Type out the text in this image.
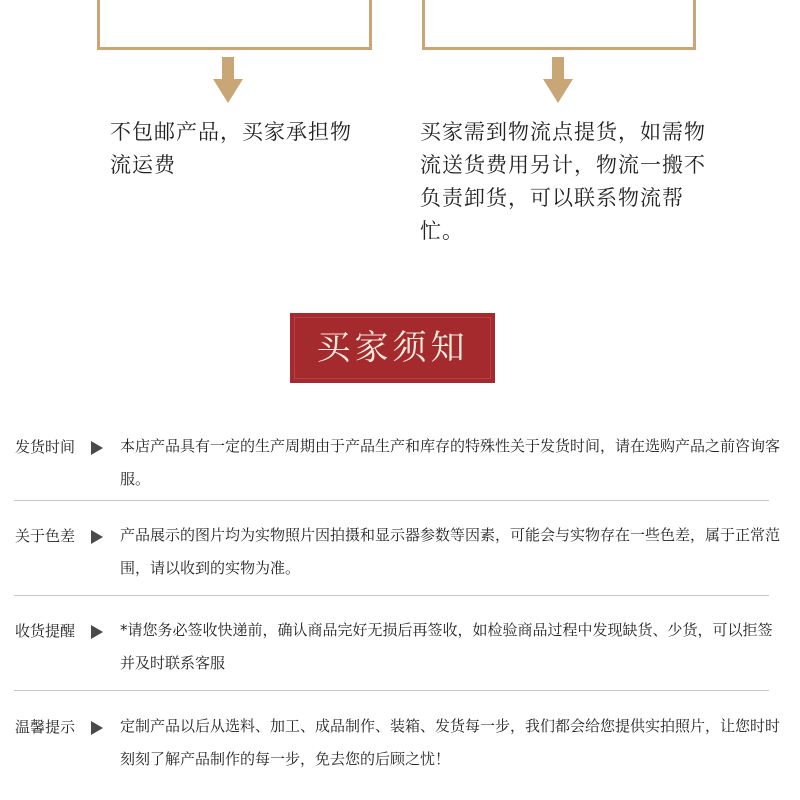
不包邮产品，买家承担物流运费
买家需到物流点提货，如需物流送货费用另计，物流一搬不负责卸货，可以联系物流帮忙。
买家须知
发货时间	本店产品具有一定的生产周期由于产品生产和库存的特殊性关于发货时间，请在选购产品之前咨询客服。
关于色差	产品展示的图片均为实物照片因拍摄和显示器参数等因素，可能会与实物存在一些色差，属于正常范围，请以收到的实物为准。
收货提醒	*请您务必签收快递前，确认商品完好无损后再签收，如检验商品过程中发现缺货、少货，可以拒签并及时联系客服
温馨提示	定制产品以后从选料、加工、成品制作、装箱、发货每一步，我们都会给您提供实拍照片，让您时时刻刻了解产品制作的每一步，免去您的后顾之忧！
